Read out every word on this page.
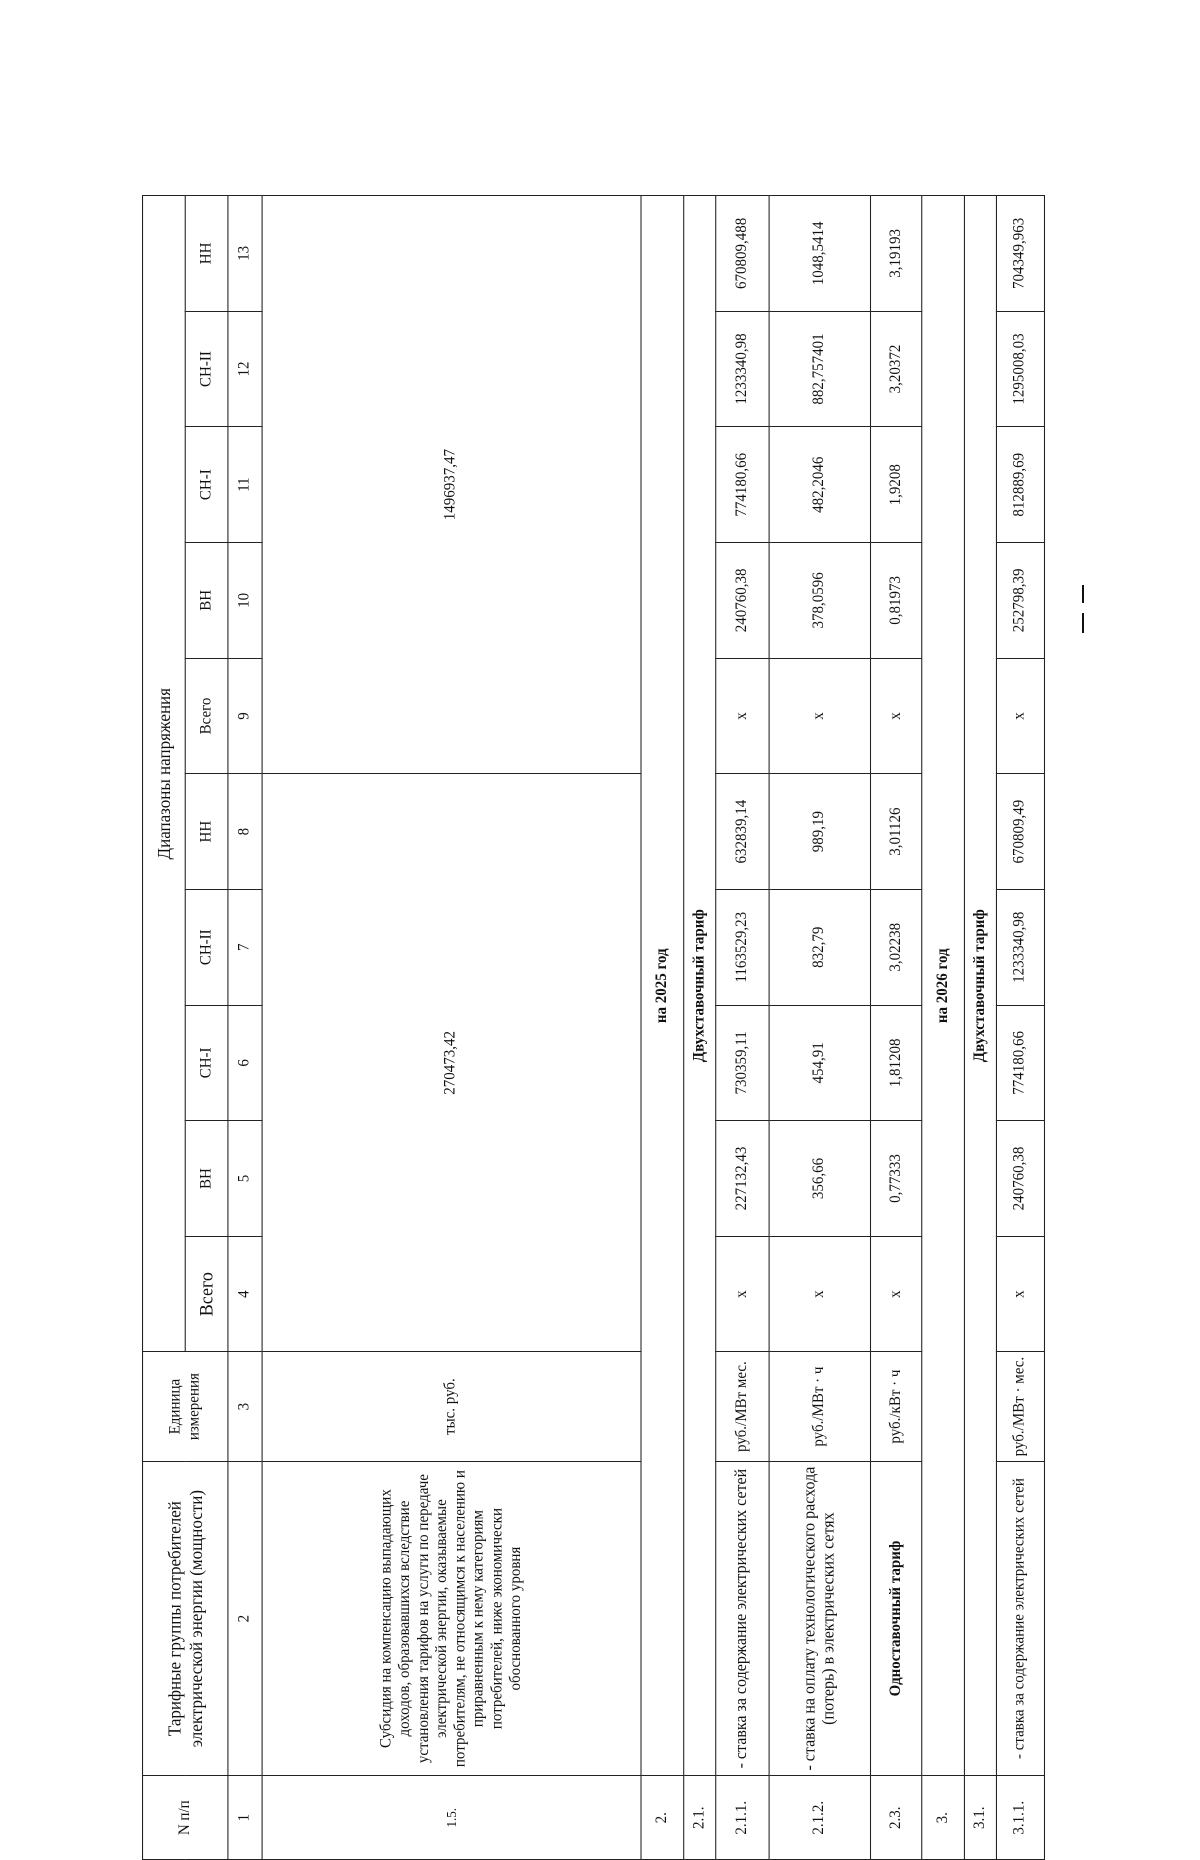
N п/п	Тарифные группы потребителей электрической энергии (мощности)	Единица измерения	Диапазоны напряжения									
			Всего	ВН	СН-I	СН-II	НН	Всего	ВН	СН-I	СН-II	НН
1	2	3	4	5	6	7	8	9	10	11	12	13
1.5.	Субсидия на компенсацию выпадающих доходов, образовавшихся вследствие установления тарифов на услуги по передаче электрической энергии, оказываемые потребителям, не относящимся к населению и приравненным к нему категориям потребителей, ниже экономически обоснованного уровня	тыс. руб.	270473,42					1496937,47				
2.	на 2025 год											
2.1.	Двухставочный тариф											
2.1.1.	- ставка за содержание электрических сетей	руб./МВт мес.	x	227132,43	730359,11	1163529,23	632839,14	x	240760,38	774180,66	1233340,98	670809,488
2.1.2.	- ставка на оплату технологического расхода (потерь) в электрических сетях	руб./МВт · ч	x	356,66	454,91	832,79	989,19	x	378,0596	482,2046	882,757401	1048,5414
2.3.	Одноставочный тариф	руб./кВт · ч	x	0,77333	1,81208	3,02238	3,01126	x	0,81973	1,9208	3,20372	3,19193
3.	на 2026 год											
3.1.	Двухставочный тариф											
3.1.1.	- ставка за содержание электрических сетей	руб./МВт · мес.	x	240760,38	774180,66	1233340,98	670809,49	x	252798,39	812889,69	1295008,03	704349,963
